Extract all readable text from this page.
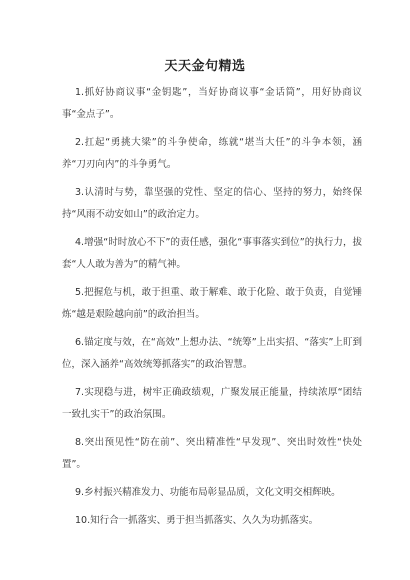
天天金句精选

1.抓好协商议事“金钥匙”，当好协商议事“金话筒”，用好协商议事“金点子”。

2.扛起“勇挑大梁”的斗争使命，练就“堪当大任”的斗争本领，涵养“刀刃向内”的斗争勇气。

3.认清时与势，靠坚强的党性、坚定的信心、坚持的努力，始终保持“风雨不动安如山”的政治定力。

4.增强“时时放心不下”的责任感，强化“事事落实到位”的执行力，拔套“人人敢为善为”的精气神。

5.把握危与机，敢于担重、敢于解难、敢于化险、敢于负责，自觉锤炼“越是艰险越向前”的政治担当。

6.锚定度与效，在“高效”上想办法、“统筹”上出实招、“落实”上盯到位，深入涵养“高效统筹抓落实”的政治智慧。

7.实现稳与进，树牢正确政绩观，广聚发展正能量，持续浓厚“团结一致扎实干”的政治氛围。

8.突出预见性“防在前”、突出精准性“早发现”、突出时效性“快处置”。

9.乡村振兴精准发力、功能布局彰显品质，文化文明交相辉映。

10.知行合一抓落实、勇于担当抓落实、久久为功抓落实。
